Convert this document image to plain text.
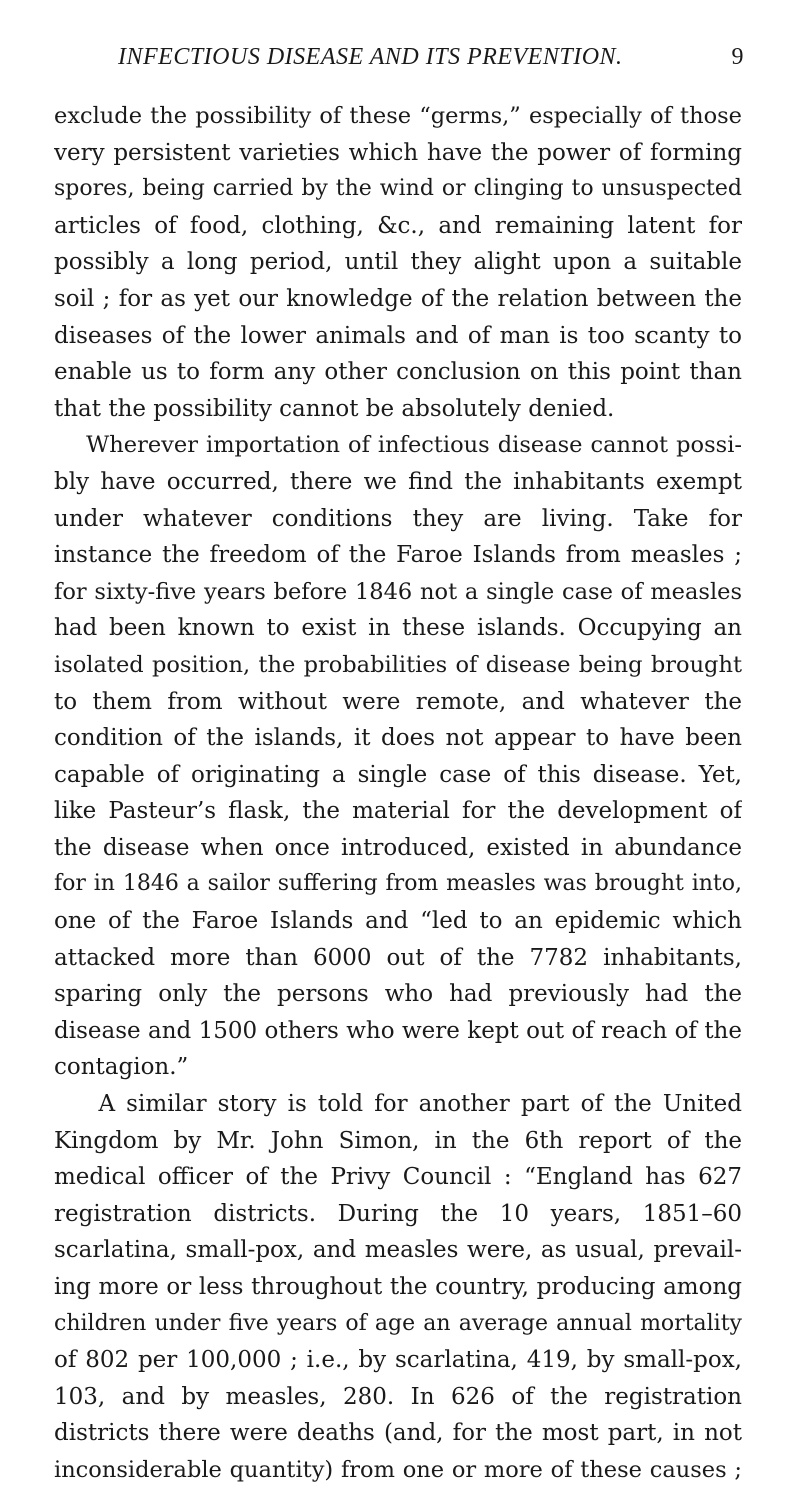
INFECTIOUS DISEASE AND ITS PREVENTION.	9
exclude the possibility of these “germs,” especially of those
very persistent varieties which have the power of forming
spores, being carried by the wind or clinging to unsuspected
articles of food, clothing, &c., and remaining latent for
possibly a long period, until they alight upon a suitable
soil ; for as yet our knowledge of the relation between the
diseases of the lower animals and of man is too scanty to
enable us to form any other conclusion on this point than
that the possibility cannot be absolutely denied.
Wherever importation of infectious disease cannot possi-
bly have occurred, there we find the inhabitants exempt
under whatever conditions they are living. Take for
instance the freedom of the Faroe Islands from measles ;
for sixty-five years before 1846 not a single case of measles
had been known to exist in these islands. Occupying an
isolated position, the probabilities of disease being brought
to them from without were remote, and whatever the
condition of the islands, it does not appear to have been
capable of originating a single case of this disease. Yet,
like Pasteur’s flask, the material for the development of
the disease when once introduced, existed in abundance
for in 1846 a sailor suffering from measles was brought into,
one of the Faroe Islands and “led to an epidemic which
attacked more than 6000 out of the 7782 inhabitants,
sparing only the persons who had previously had the
disease and 1500 others who were kept out of reach of the
contagion.”
A similar story is told for another part of the United
Kingdom by Mr. John Simon, in the 6th report of the
medical officer of the Privy Council : “England has 627
registration districts. During the 10 years, 1851–60
scarlatina, small-pox, and measles were, as usual, prevail-
ing more or less throughout the country, producing among
children under five years of age an average annual mortality
of 802 per 100,000 ; i.e., by scarlatina, 419, by small-pox,
103, and by measles, 280. In 626 of the registration
districts there were deaths (and, for the most part, in not
inconsiderable quantity) from one or more of these causes ;
